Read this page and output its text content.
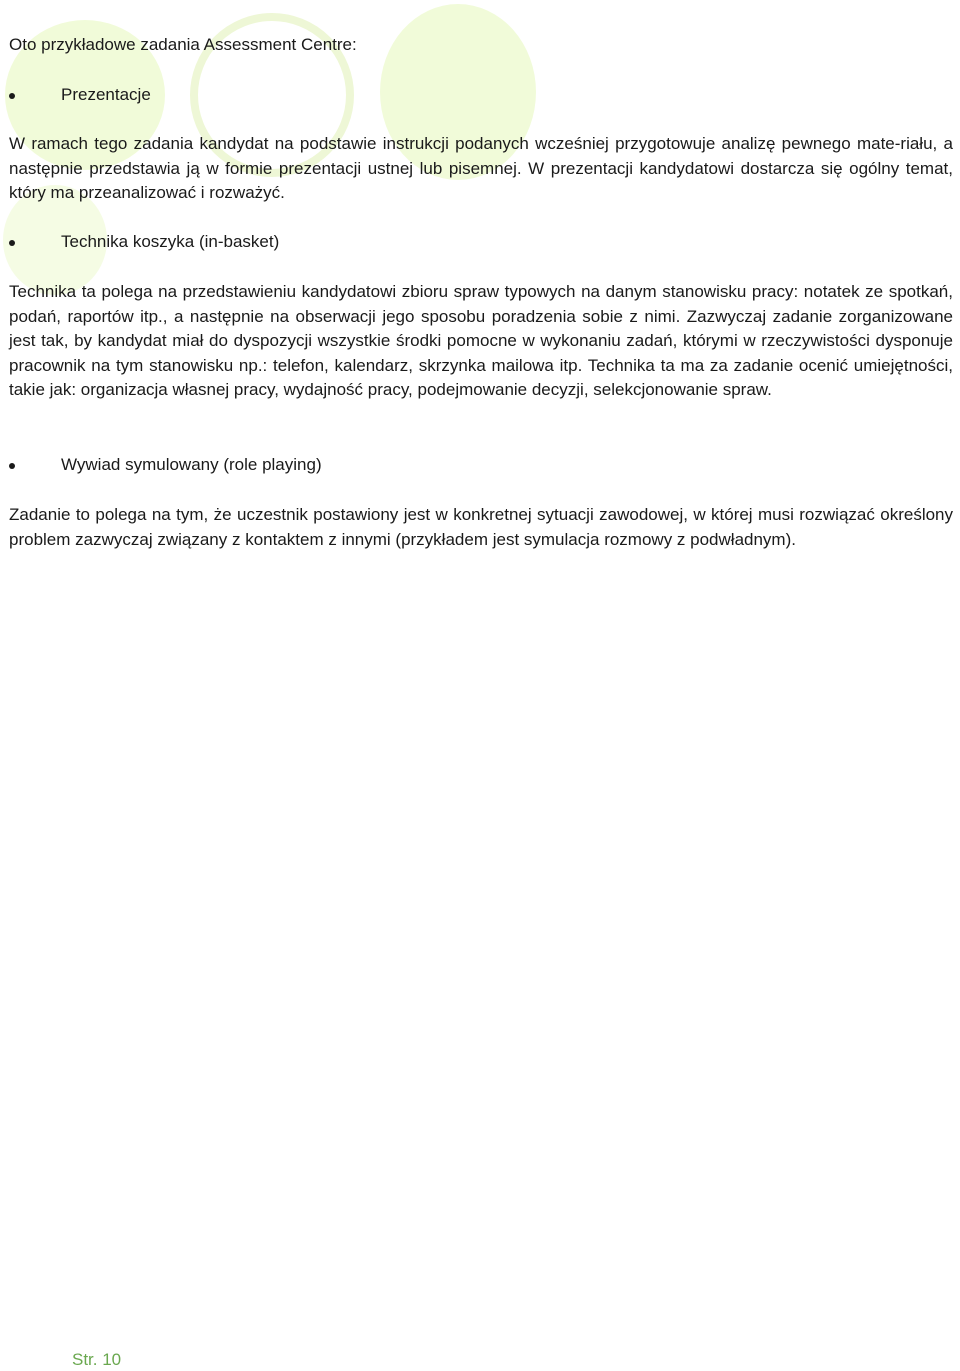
Oto przykładowe zadania Assessment Centre:

Prezentacje

W ramach tego zadania kandydat na podstawie instrukcji podanych wcześniej przygotowuje analizę pewnego mate-riału, a następnie przedstawia ją w formie prezentacji ustnej lub pisemnej. W prezentacji kandydatowi dostarcza się ogólny temat, który ma przeanalizować i rozważyć.

Technika koszyka (in-basket)

Technika ta polega na przedstawieniu kandydatowi zbioru spraw typowych na danym stanowisku pracy: notatek ze spotkań, podań, raportów itp., a następnie na obserwacji jego sposobu poradzenia sobie z nimi. Zazwyczaj zadanie zorganizowane jest tak, by kandydat miał do dyspozycji wszystkie środki pomocne w wykonaniu zadań, którymi w rzeczywistości dysponuje pracownik na tym stanowisku np.: telefon, kalendarz, skrzynka mailowa itp. Technika ta ma za zadanie ocenić umiejętności, takie jak: organizacja własnej pracy, wydajność pracy, podejmowanie decyzji, selekcjonowanie spraw.

Wywiad symulowany (role playing)

Zadanie to polega na tym, że uczestnik postawiony jest w konkretnej sytuacji zawodowej, w której musi rozwiązać określony problem zazwyczaj związany z kontaktem z innymi (przykładem jest symulacja rozmowy z podwładnym).

Str. 10
